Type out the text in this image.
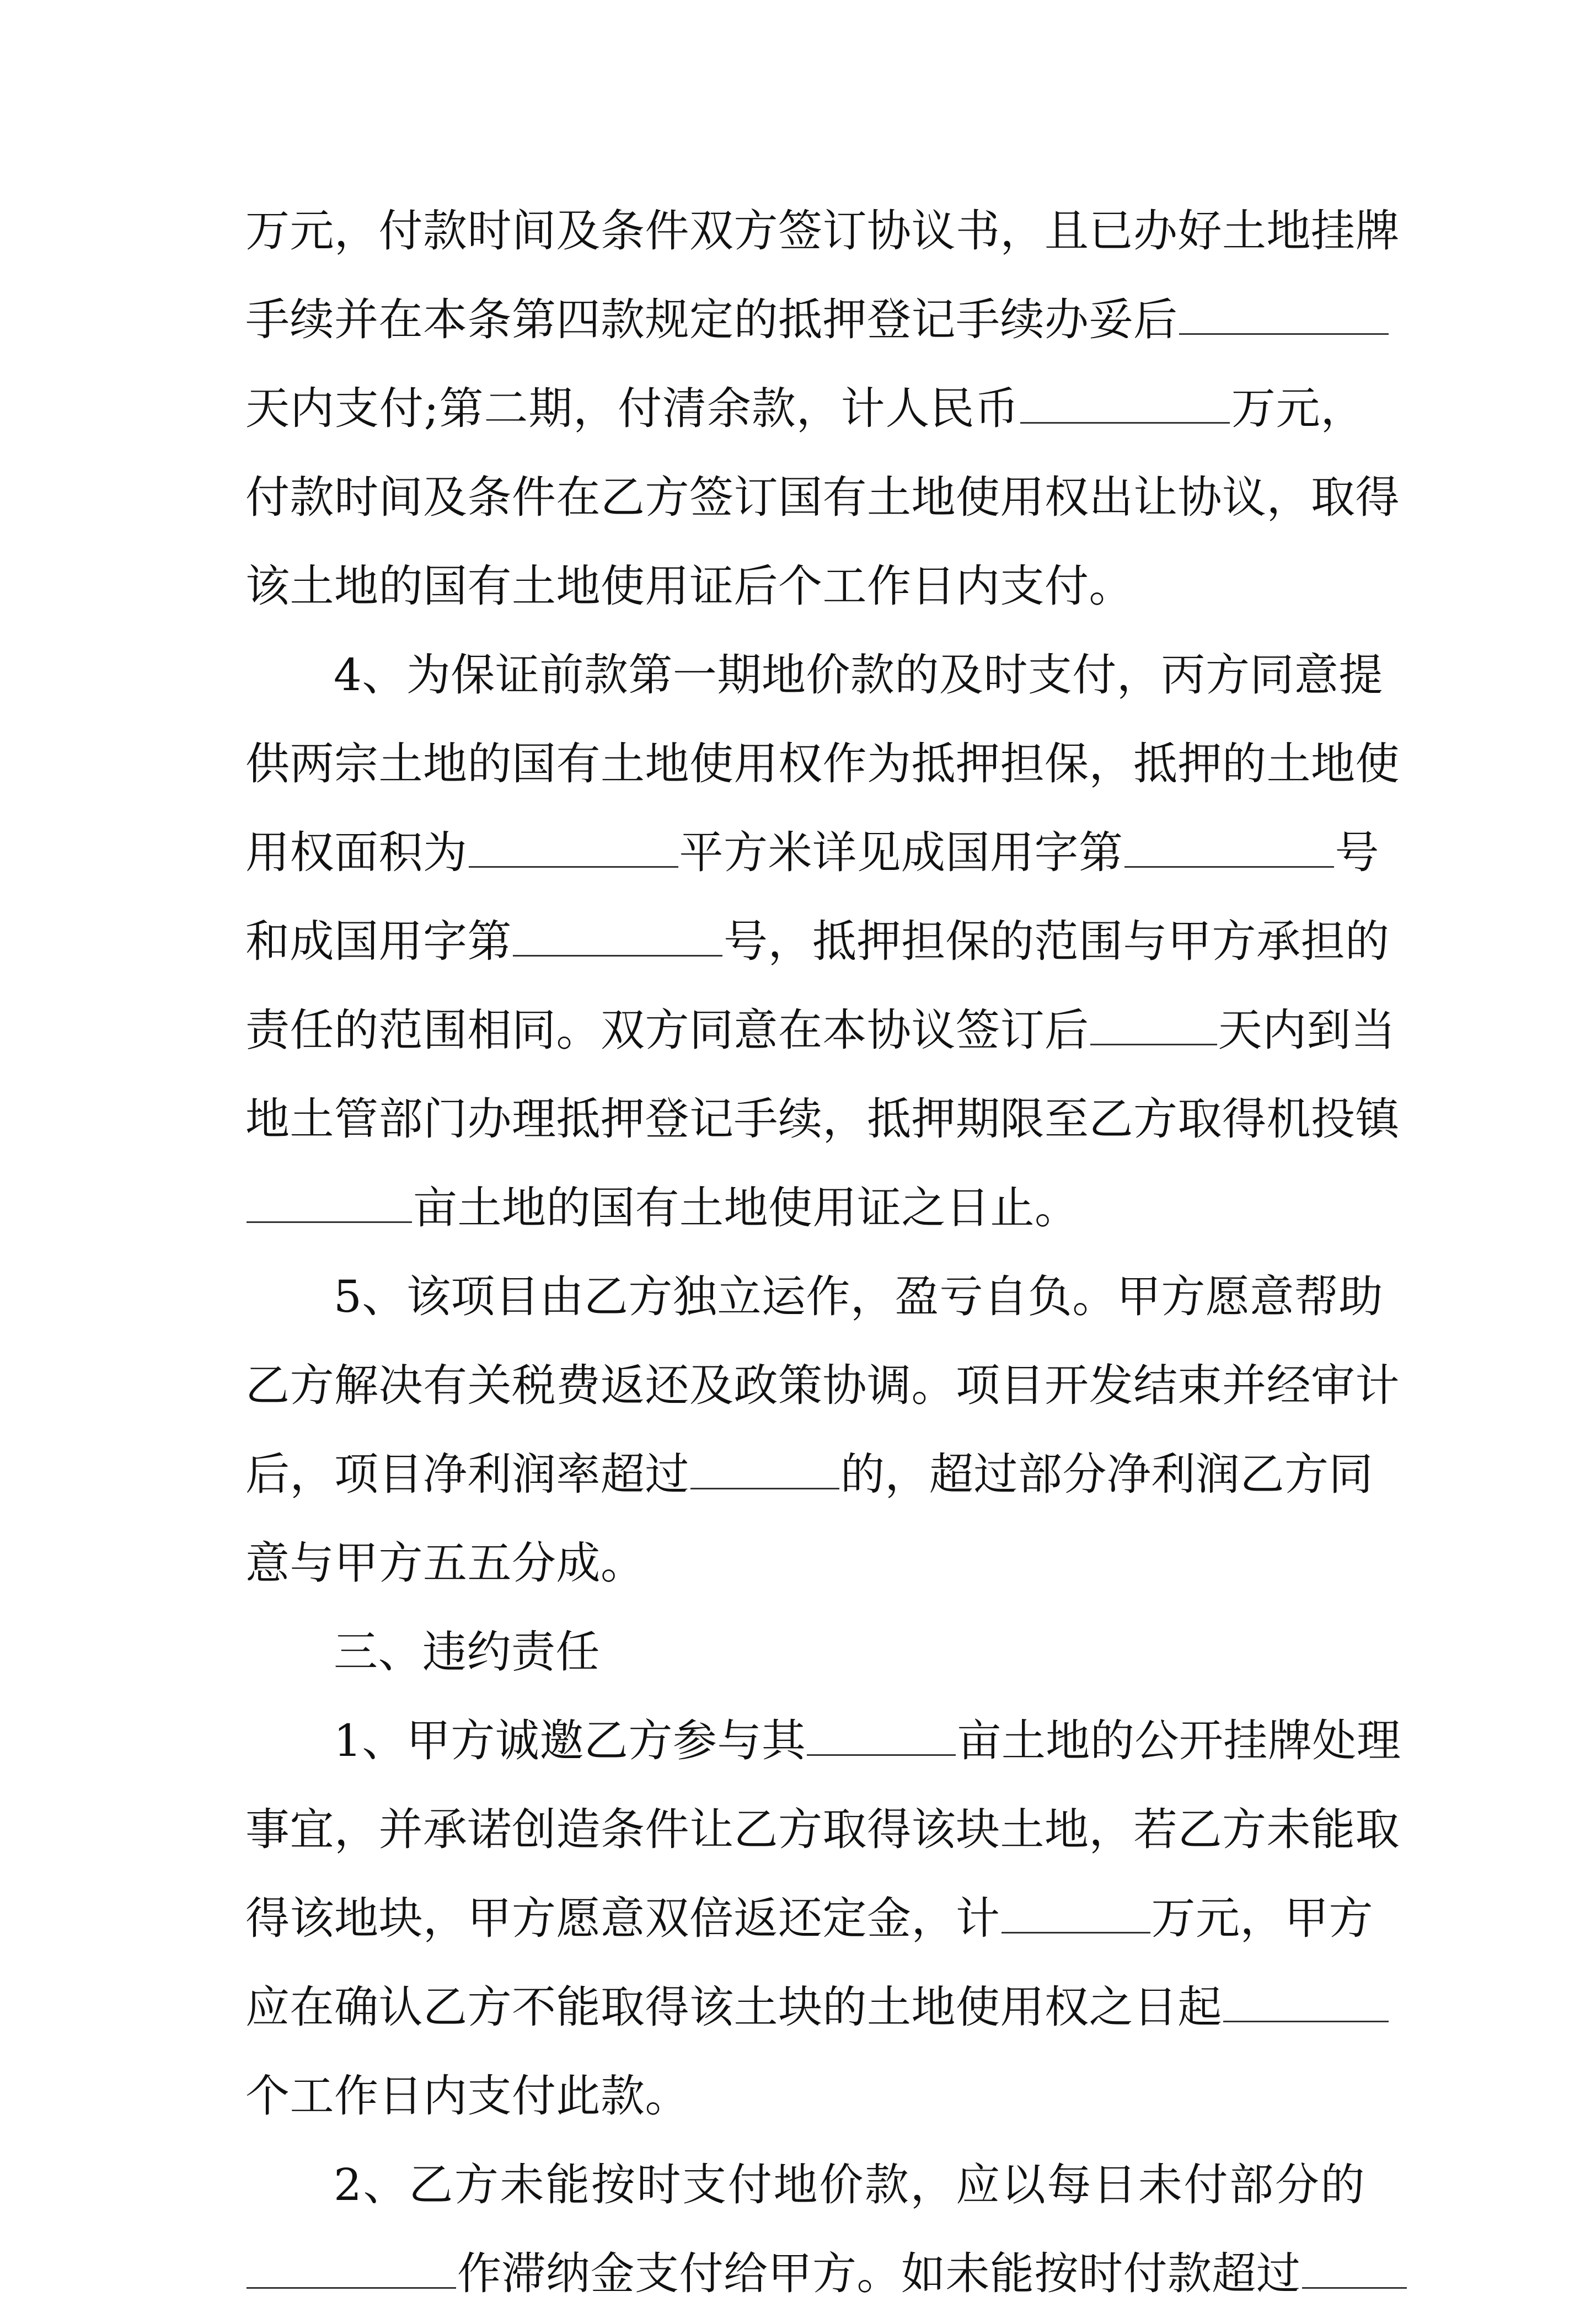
万元，付款时间及条件双方签订协议书，且已办好土地挂牌
手续并在本条第四款规定的抵押登记手续办妥后
天内支付;第二期，付清余款，计人民币	万元，
付款时间及条件在乙方签订国有土地使用权出让协议，取得
该土地的国有土地使用证后个工作日内支付。
4、为保证前款第一期地价款的及时支付，丙方同意提
供两宗土地的国有土地使用权作为抵押担保，抵押的土地使
用权面积为	平方米详见成国用字第	号
和成国用字第	号，抵押担保的范围与甲方承担的
责任的范围相同。双方同意在本协议签订后	天内到当
地土管部门办理抵押登记手续，抵押期限至乙方取得机投镇
亩土地的国有土地使用证之日止。
5、该项目由乙方独立运作，盈亏自负。甲方愿意帮助
乙方解决有关税费返还及政策协调。项目开发结束并经审计
后，项目净利润率超过	的，超过部分净利润乙方同
意与甲方五五分成。
三、违约责任
1、甲方诚邀乙方参与其	亩土地的公开挂牌处理
事宜，并承诺创造条件让乙方取得该块土地，若乙方未能取
得该地块，甲方愿意双倍返还定金，计	万元，甲方
应在确认乙方不能取得该土块的土地使用权之日起
个工作日内支付此款。
2、乙方未能按时支付地价款，应以每日未付部分的
作滞纳金支付给甲方。如未能按时付款超过
